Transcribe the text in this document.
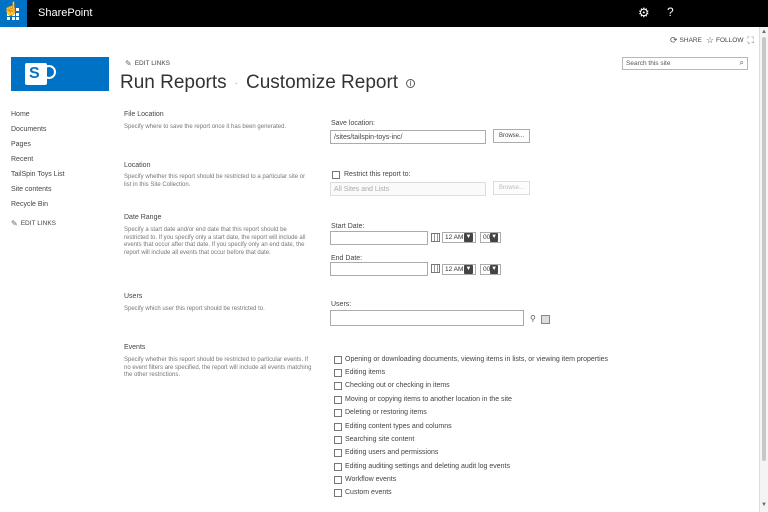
☝ SharePoint	⚙ ?
⟳ SHARE ☆ FOLLOW ⛶
S
✎ EDIT LINKS
Run Reports · Customize Report	i
Search this site	⌕
Home
Documents
Pages
Recent
TailSpin Toys List
Site contents
Recycle Bin
✎ EDIT LINKS
File Location
Specify where to save the report once it has been generated.	Save location:
/sites/tailspin-toys-inc/	Browse...
Location
Specify whether this report should be restricted to a particular site or list in this Site Collection.
Restrict this report to:
All Sites and Lists	Browse...
Date Range
Specify a start date and/or end date that this report should be restricted to. If you specify only a start date, the report will include all events that occur after that date. If you specify only an end date, the report will include all events that occur before that date.
Start Date:
12 AM ▼ 00 ▼
End Date:
12 AM ▼ 00 ▼
Users
Specify which user this report should be restricted to.
Users:
⚲
Events
Specify whether this report should be restricted to particular events. If no event filters are specified, the report will include all events matching the other restrictions.
Opening or downloading documents, viewing items in lists, or viewing item properties
Editing items
Checking out or checking in items
Moving or copying items to another location in the site
Deleting or restoring items
Editing content types and columns
Searching site content
Editing users and permissions
Editing auditing settings and deleting audit log events
Workflow events
Custom events
▲
▼
